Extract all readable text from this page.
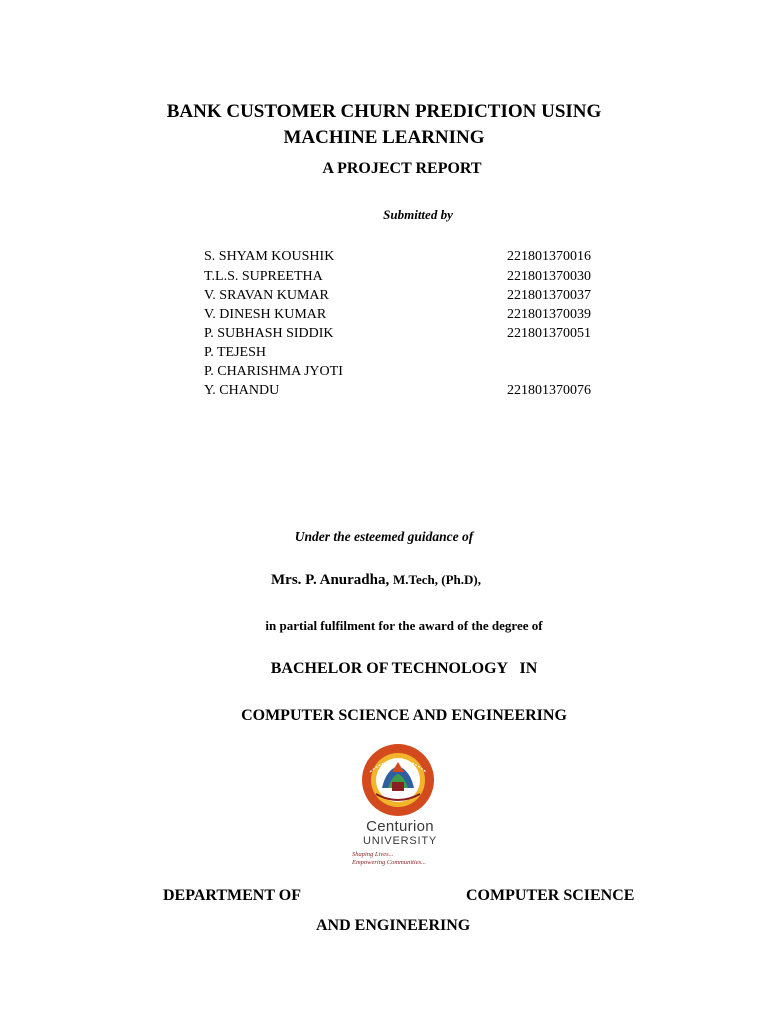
BANK CUSTOMER CHURN PREDICTION USING
MACHINE LEARNING
A PROJECT REPORT
Submitted by
S. SHYAM KOUSHIK	221801370016
T.L.S. SUPREETHA	221801370030
V. SRAVAN KUMAR	221801370037
V. DINESH KUMAR	221801370039
P. SUBHASH SIDDIK	221801370051
P. TEJESH
P. CHARISHMA JYOTI
Y. CHANDU	221801370076
Under the esteemed guidance of
Mrs. P. Anuradha, M.Tech, (Ph.D),
in partial fulfilment for the award of the degree of
BACHELOR OF TECHNOLOGY   IN
COMPUTER SCIENCE AND ENGINEERING
Centurion
UNIVERSITY
Shaping Lives...
Empowering Communities...
DEPARTMENT OF	COMPUTER SCIENCE
AND ENGINEERING
